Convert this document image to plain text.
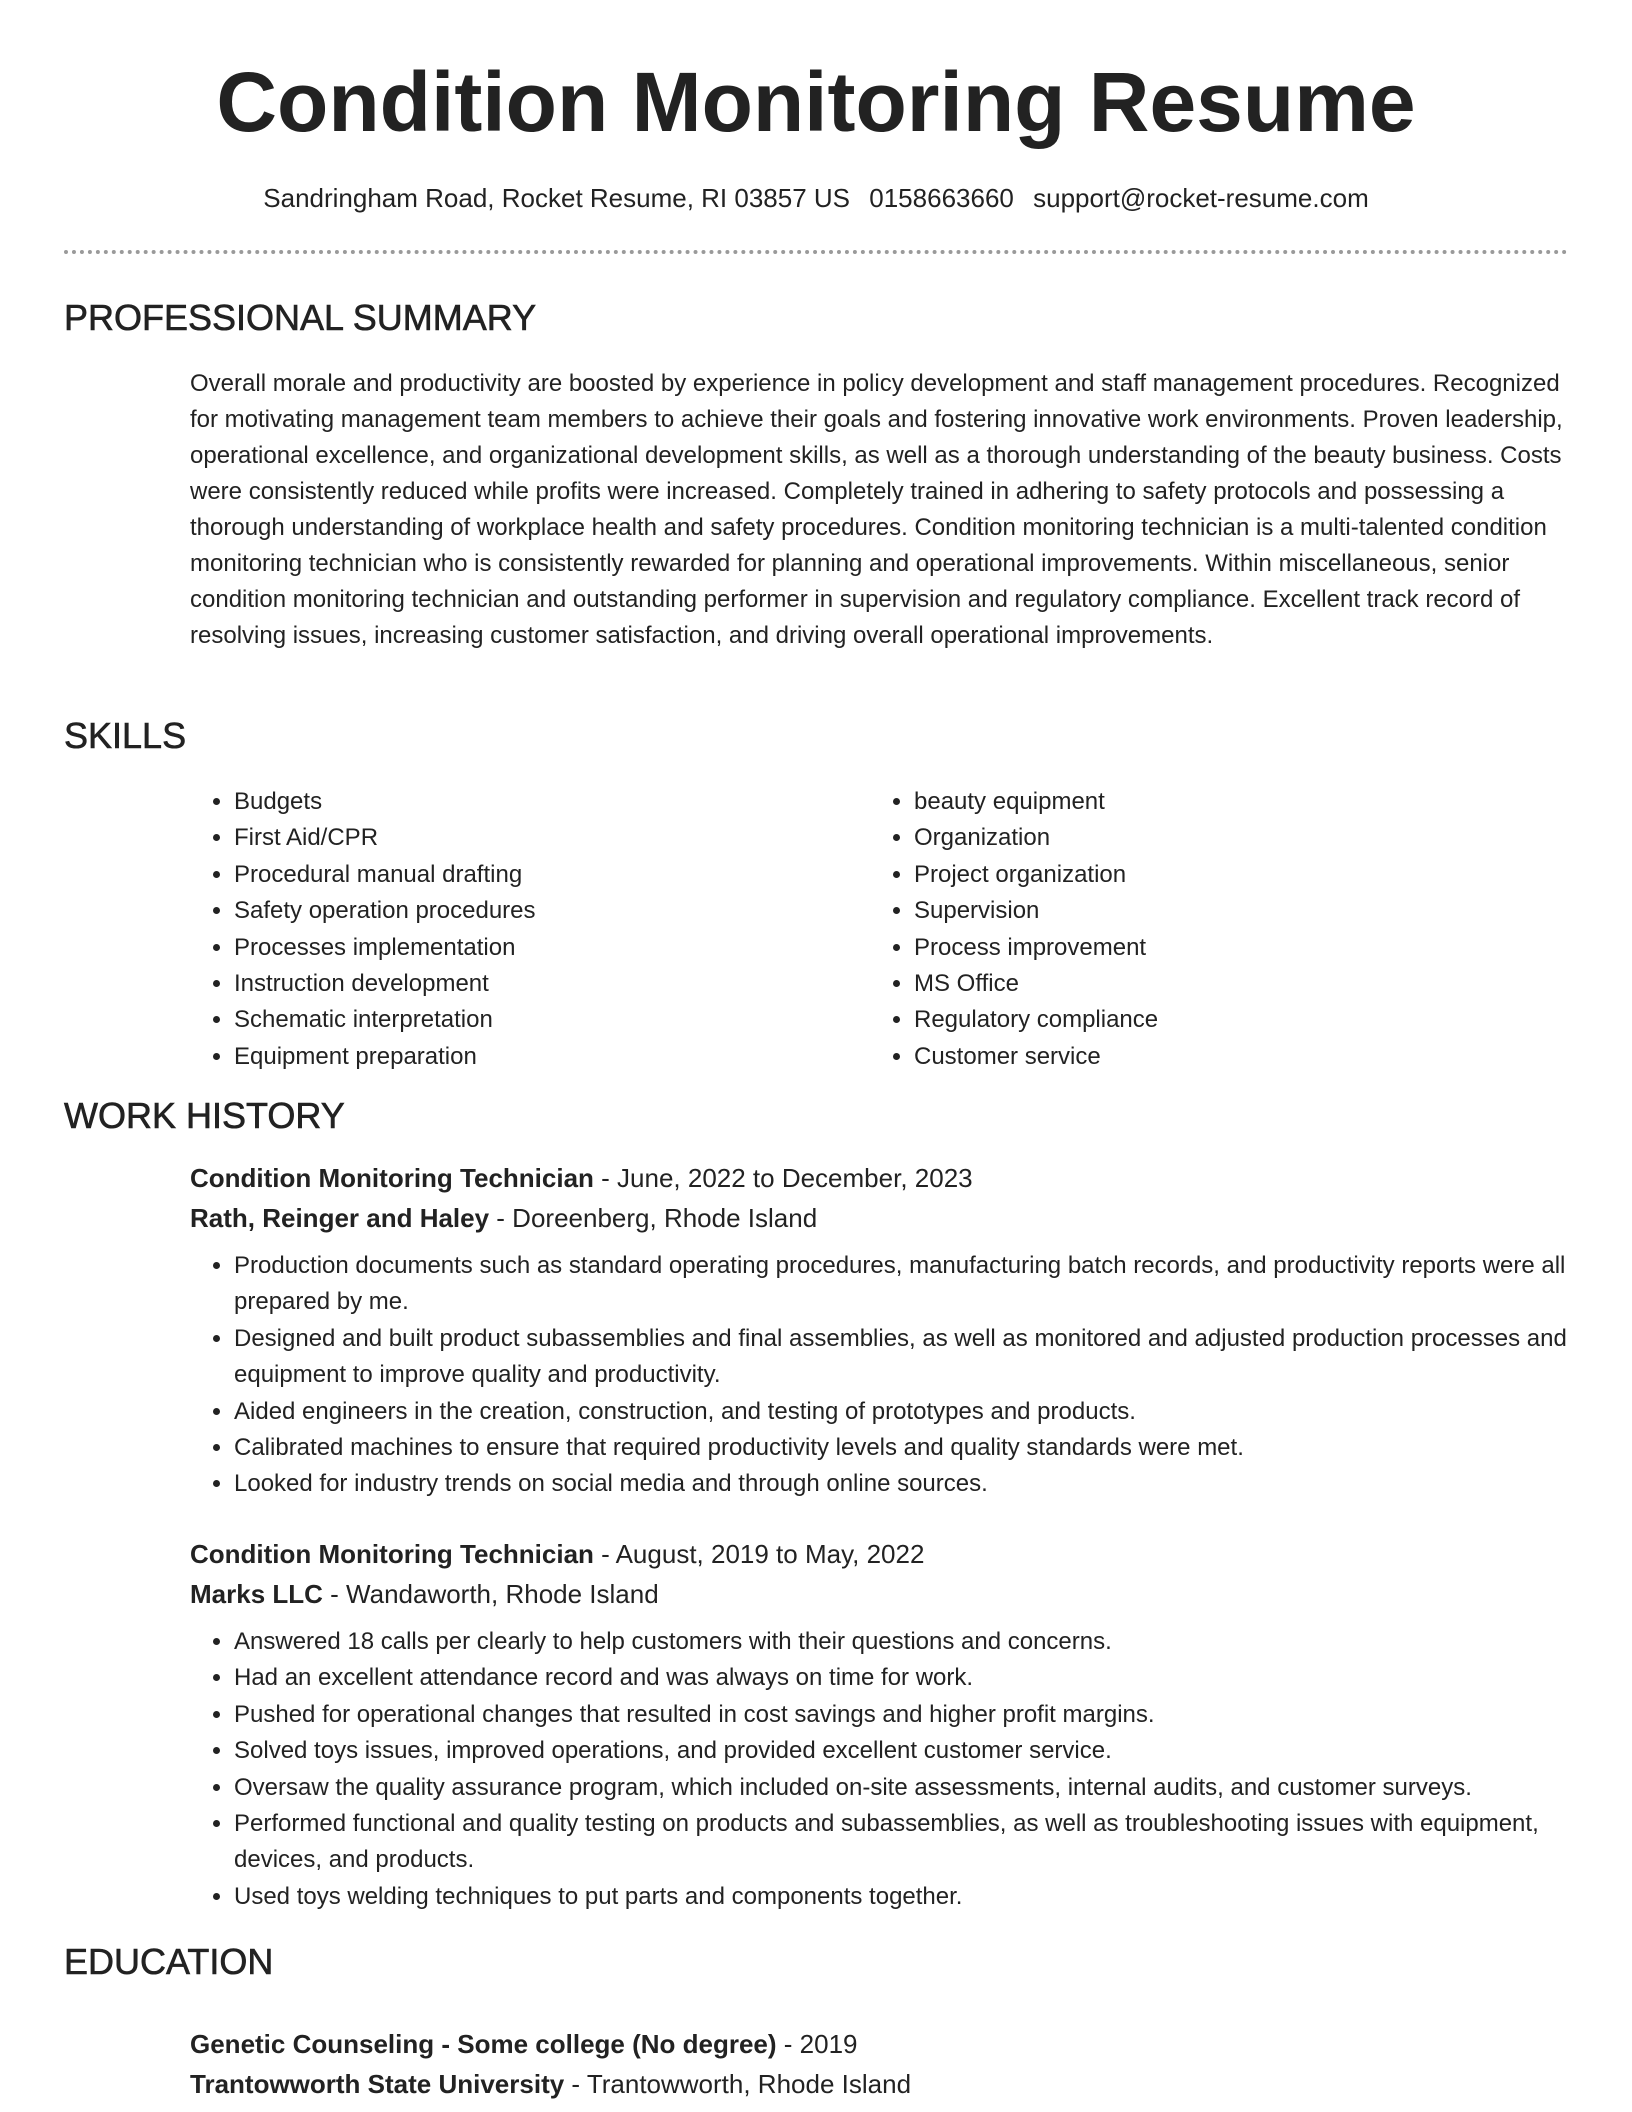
Condition Monitoring Resume
Sandringham Road, Rocket Resume, RI 03857 US 0158663660 support@rocket-resume.com
PROFESSIONAL SUMMARY

Overall morale and productivity are boosted by experience in policy development and staff management procedures. Recognized for motivating management team members to achieve their goals and fostering innovative work environments. Proven leadership, operational excellence, and organizational development skills, as well as a thorough understanding of the beauty business. Costs were consistently reduced while profits were increased. Completely trained in adhering to safety protocols and possessing a thorough understanding of workplace health and safety procedures. Condition monitoring technician is a multi-talented condition monitoring technician who is consistently rewarded for planning and operational improvements. Within miscellaneous, senior condition monitoring technician and outstanding performer in supervision and regulatory compliance. Excellent track record of resolving issues, increasing customer satisfaction, and driving overall operational improvements.

SKILLS
• Budgets
• First Aid/CPR
• Procedural manual drafting
• Safety operation procedures
• Processes implementation
• Instruction development
• Schematic interpretation
• Equipment preparation
• beauty equipment
• Organization
• Project organization
• Supervision
• Process improvement
• MS Office
• Regulatory compliance
• Customer service
WORK HISTORY
Condition Monitoring Technician - June, 2022 to December, 2023
Rath, Reinger and Haley - Doreenberg, Rhode Island
• Production documents such as standard operating procedures, manufacturing batch records, and productivity reports were all prepared by me.
• Designed and built product subassemblies and final assemblies, as well as monitored and adjusted production processes and equipment to improve quality and productivity.
• Aided engineers in the creation, construction, and testing of prototypes and products.
• Calibrated machines to ensure that required productivity levels and quality standards were met.
• Looked for industry trends on social media and through online sources.
Condition Monitoring Technician - August, 2019 to May, 2022
Marks LLC - Wandaworth, Rhode Island
• Answered 18 calls per clearly to help customers with their questions and concerns.
• Had an excellent attendance record and was always on time for work.
• Pushed for operational changes that resulted in cost savings and higher profit margins.
• Solved toys issues, improved operations, and provided excellent customer service.
• Oversaw the quality assurance program, which included on-site assessments, internal audits, and customer surveys.
• Performed functional and quality testing on products and subassemblies, as well as troubleshooting issues with equipment, devices, and products.
• Used toys welding techniques to put parts and components together.
EDUCATION
Genetic Counseling - Some college (No degree) - 2019
Trantowworth State University - Trantowworth, Rhode Island
